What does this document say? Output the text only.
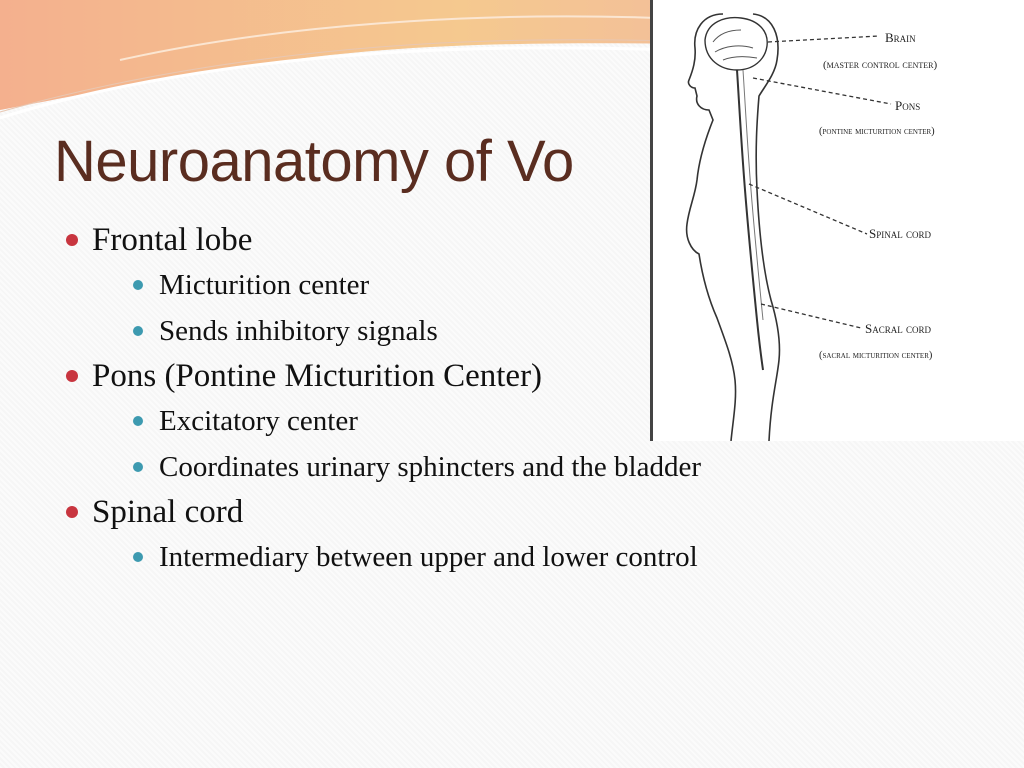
Neuroanatomy of Vo
Frontal lobe
Micturition center
Sends inhibitory signals
Pons (Pontine Micturition Center)
Excitatory center
Coordinates urinary sphincters and the bladder
Spinal cord
Intermediary between upper and lower control
Brain
(master control center)
Pons
(pontine micturition center)
Spinal cord
Sacral cord
(sacral micturition center)
